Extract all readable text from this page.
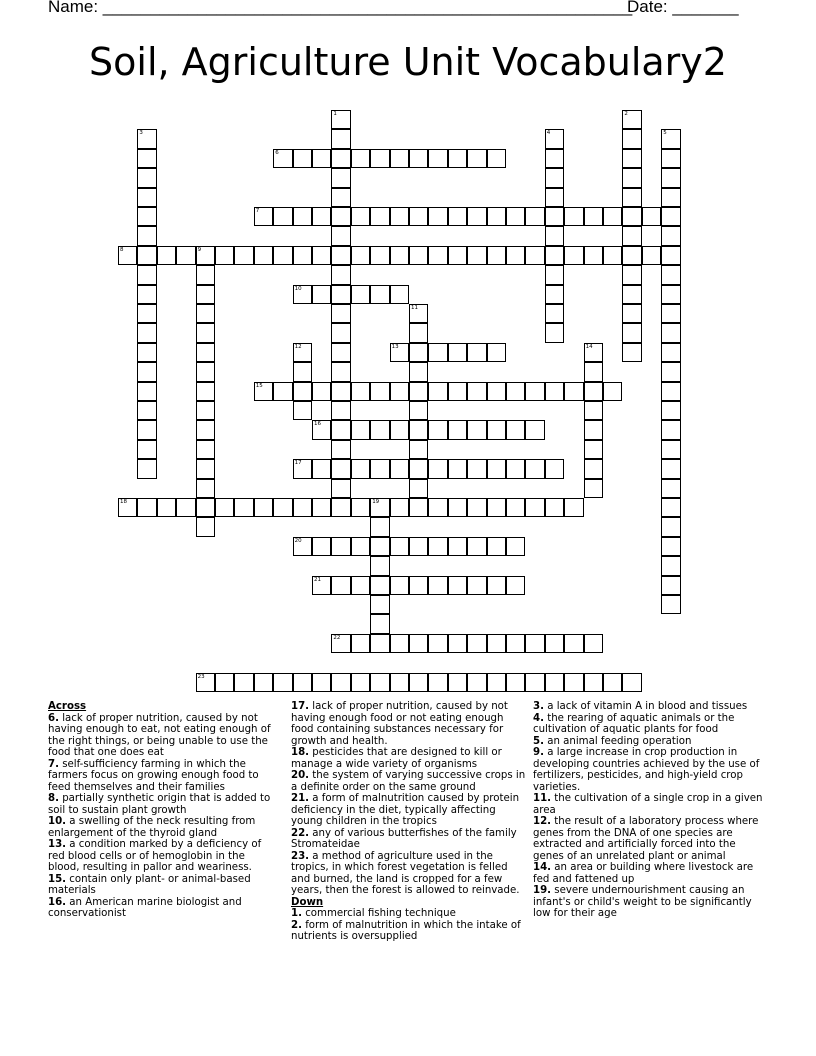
Name: ________________________________________________________
Date: _______
Soil, Agriculture Unit Vocabulary2
1	2
3	4	5
6
7
8	9
10
11
12	13	14
15
16
17
18	19
20
21
22
23
Across
6. lack of proper nutrition, caused by not having enough to eat, not eating enough of the right things, or being unable to use the food that one does eat
7. self-sufficiency farming in which the farmers focus on growing enough food to feed themselves and their families
8. partially synthetic origin that is added to soil to sustain plant growth
10. a swelling of the neck resulting from enlargement of the thyroid gland
13. a condition marked by a deficiency of red blood cells or of hemoglobin in the blood, resulting in pallor and weariness.
15. contain only plant- or animal-based materials
16. an American marine biologist and conservationist
17. lack of proper nutrition, caused by not having enough food or not eating enough food containing substances necessary for growth and health.
18. pesticides that are designed to kill or manage a wide variety of organisms
20. the system of varying successive crops in a definite order on the same ground
21. a form of malnutrition caused by protein deficiency in the diet, typically affecting young children in the tropics
22. any of various butterfishes of the family Stromateidae
23. a method of agriculture used in the tropics, in which forest vegetation is felled and burned, the land is cropped for a few years, then the forest is allowed to reinvade.
Down
1. commercial fishing technique
2. form of malnutrition in which the intake of nutrients is oversupplied
3. a lack of vitamin A in blood and tissues
4. the rearing of aquatic animals or the cultivation of aquatic plants for food
5. an animal feeding operation
9. a large increase in crop production in developing countries achieved by the use of fertilizers, pesticides, and high-yield crop varieties.
11. the cultivation of a single crop in a given area
12. the result of a laboratory process where genes from the DNA of one species are extracted and artificially forced into the genes of an unrelated plant or animal
14. an area or building where livestock are fed and fattened up
19. severe undernourishment causing an infant's or child's weight to be significantly low for their age
